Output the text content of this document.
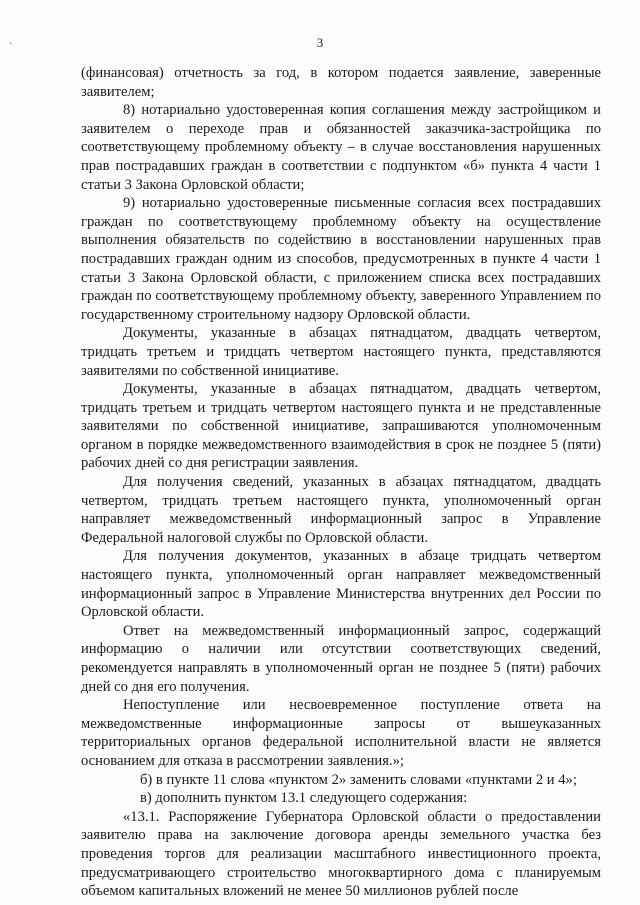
·	3

(финансовая) отчетность за год, в котором подается заявление, заверенные заявителем;

8) нотариально удостоверенная копия соглашения между застройщиком и заявителем о переходе прав и обязанностей заказчика-застройщика по соответствующему проблемному объекту – в случае восстановления нарушенных прав пострадавших граждан в соответствии с подпунктом «б» пункта 4 части 1 статьи 3 Закона Орловской области;

9) нотариально удостоверенные письменные согласия всех пострадавших граждан по соответствующему проблемному объекту на осуществление выполнения обязательств по содействию в восстановлении нарушенных прав пострадавших граждан одним из способов, предусмотренных в пункте 4 части 1 статьи 3 Закона Орловской области, с приложением списка всех пострадавших граждан по соответствующему проблемному объекту, заверенного Управлением по государственному строительному надзору Орловской области.

Документы, указанные в абзацах пятнадцатом, двадцать четвертом, тридцать третьем и тридцать четвертом настоящего пункта, представляются заявителями по собственной инициативе.

Документы, указанные в абзацах пятнадцатом, двадцать четвертом, тридцать третьем и тридцать четвертом настоящего пункта и не представленные заявителями по собственной инициативе, запрашиваются уполномоченным органом в порядке межведомственного взаимодействия в срок не позднее 5 (пяти) рабочих дней со дня регистрации заявления.

Для получения сведений, указанных в абзацах пятнадцатом, двадцать четвертом, тридцать третьем настоящего пункта, уполномоченный орган направляет межведомственный информационный запрос в Управление Федеральной налоговой службы по Орловской области.

Для получения документов, указанных в абзаце тридцать четвертом настоящего пункта, уполномоченный орган направляет межведомственный информационный запрос в Управление Министерства внутренних дел России по Орловской области.

Ответ на межведомственный информационный запрос, содержащий информацию о наличии или отсутствии соответствующих сведений, рекомендуется направлять в уполномоченный орган не позднее 5 (пяти) рабочих дней со дня его получения.

Непоступление или несвоевременное поступление ответа на межведомственные информационные запросы от вышеуказанных территориальных органов федеральной исполнительной власти не является основанием для отказа в рассмотрении заявления.»;

б) в пункте 11 слова «пунктом 2» заменить словами «пунктами 2 и 4»;

в) дополнить пунктом 13.1 следующего содержания:

«13.1. Распоряжение Губернатора Орловской области о предоставлении заявителю права на заключение договора аренды земельного участка без проведения торгов для реализации масштабного инвестиционного проекта, предусматривающего строительство многоквартирного дома с планируемым объемом капитальных вложений не менее 50 миллионов рублей после
